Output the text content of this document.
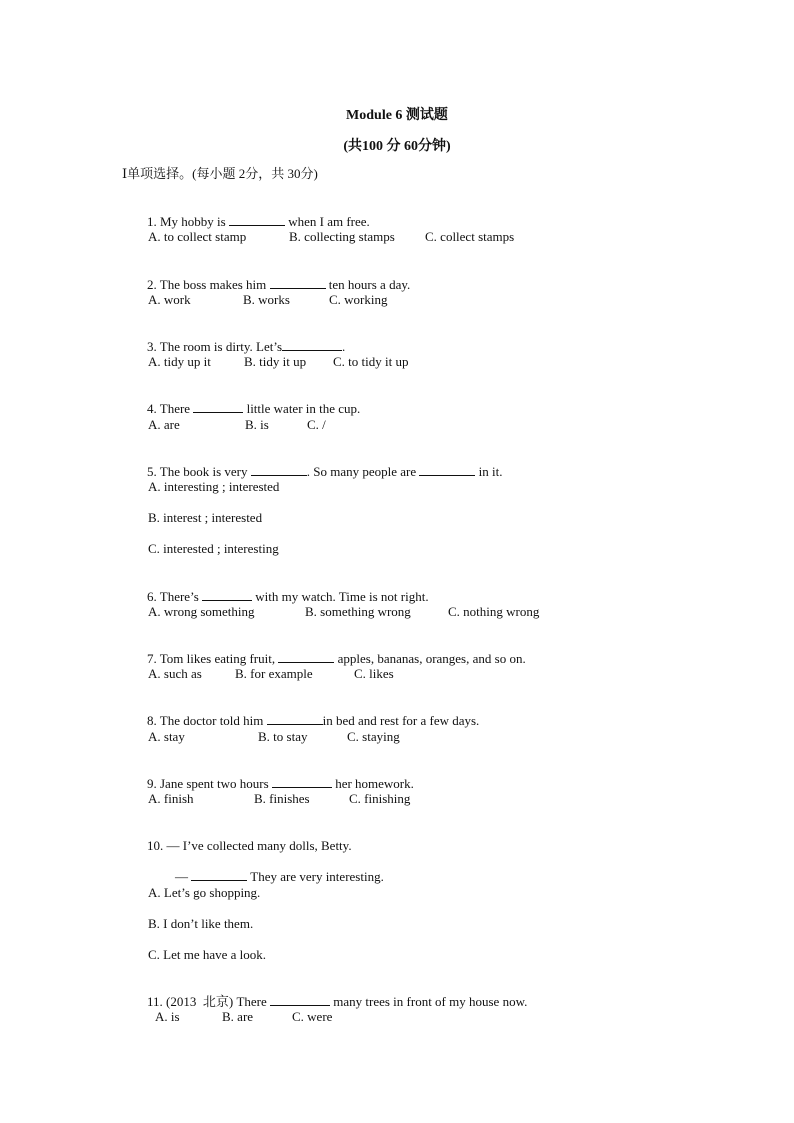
Module 6 测试题
(共100 分 60分钟)
Ⅰ单项选择。(每小题 2分，共 30分)

1. My hobby is	when I am free.

A. to collect stamp	B. collecting stamps C. collect stamps

2. The boss makes him	ten hours a day.

A. work	B. works	C. working

3. The room is dirty. Let’s	.

A. tidy up it	B. tidy it up C. to tidy it up

4. There	little water in the cup.

A. are	B. is	C. /

5. The book is very	. So many people are	in it.

A. interesting ; interested
B. interest ; interested
C. interested ; interesting

6. There’s	with my watch. Time is not right.

A. wrong something	B. something wrong	C. nothing wrong

7. Tom likes eating fruit,	apples, bananas, oranges, and so on.

A. such as	B. for example	C. likes

8. The doctor told him	in bed and rest for a few days.

A. stay	B. to stay	C. staying

9. Jane spent two hours	her homework.

A. finish	B. finishes	C. finishing

10. — I’ve collected many dolls, Betty.

—	They are very interesting.

A. Let’s go shopping.
B. I don’t like them.
C. Let me have a look.

11. (2013  北京) There	many trees in front of my house now.

A. is	B. are	C. were
